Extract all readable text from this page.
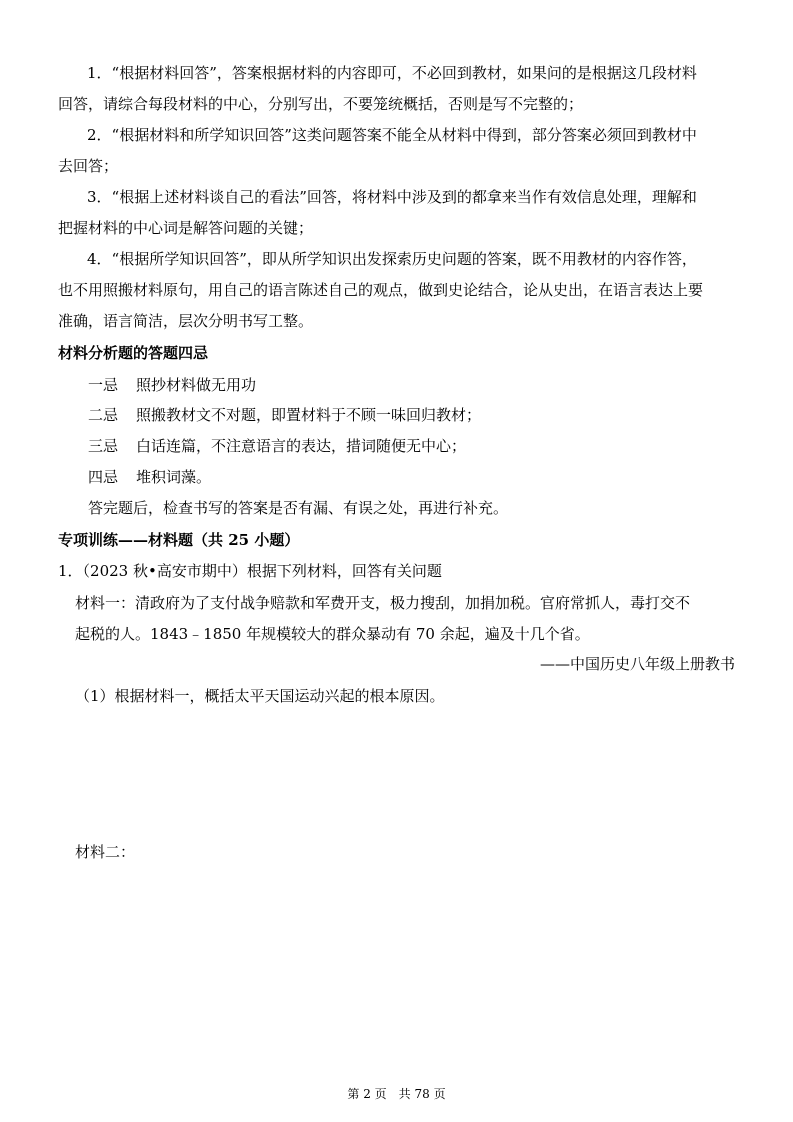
1．“根据材料回答”，答案根据材料的内容即可，不必回到教材，如果问的是根据这几段材料
回答，请综合每段材料的中心，分别写出，不要笼统概括，否则是写不完整的；
2．“根据材料和所学知识回答”这类问题答案不能全从材料中得到，部分答案必须回到教材中
去回答；
3．“根据上述材料谈自己的看法”回答，将材料中涉及到的都拿来当作有效信息处理，理解和
把握材料的中心词是解答问题的关键；
4．“根据所学知识回答”，即从所学知识出发探索历史问题的答案，既不用教材的内容作答，
也不用照搬材料原句，用自己的语言陈述自己的观点，做到史论结合，论从史出，在语言表达上要
准确，语言简洁，层次分明书写工整。
材料分析题的答题四忌
一忌 照抄材料做无用功
二忌 照搬教材文不对题，即置材料于不顾一味回归教材；
三忌 白话连篇，不注意语言的表达，措词随便无中心；
四忌 堆积词藻。
答完题后，检查书写的答案是否有漏、有误之处，再进行补充。
专项训练——材料题（共 25 小题）
1．（2023 秋•高安市期中）根据下列材料，回答有关问题
材料一：清政府为了支付战争赔款和军费开支，极力搜刮，加捐加税。官府常抓人，毒打交不
起税的人。1843﹣1850 年规模较大的群众暴动有 70 余起，遍及十几个省。
——中国历史八年级上册教书
（1）根据材料一，概括太平天国运动兴起的根本原因。
材料二：
第 2 页　共 78 页
